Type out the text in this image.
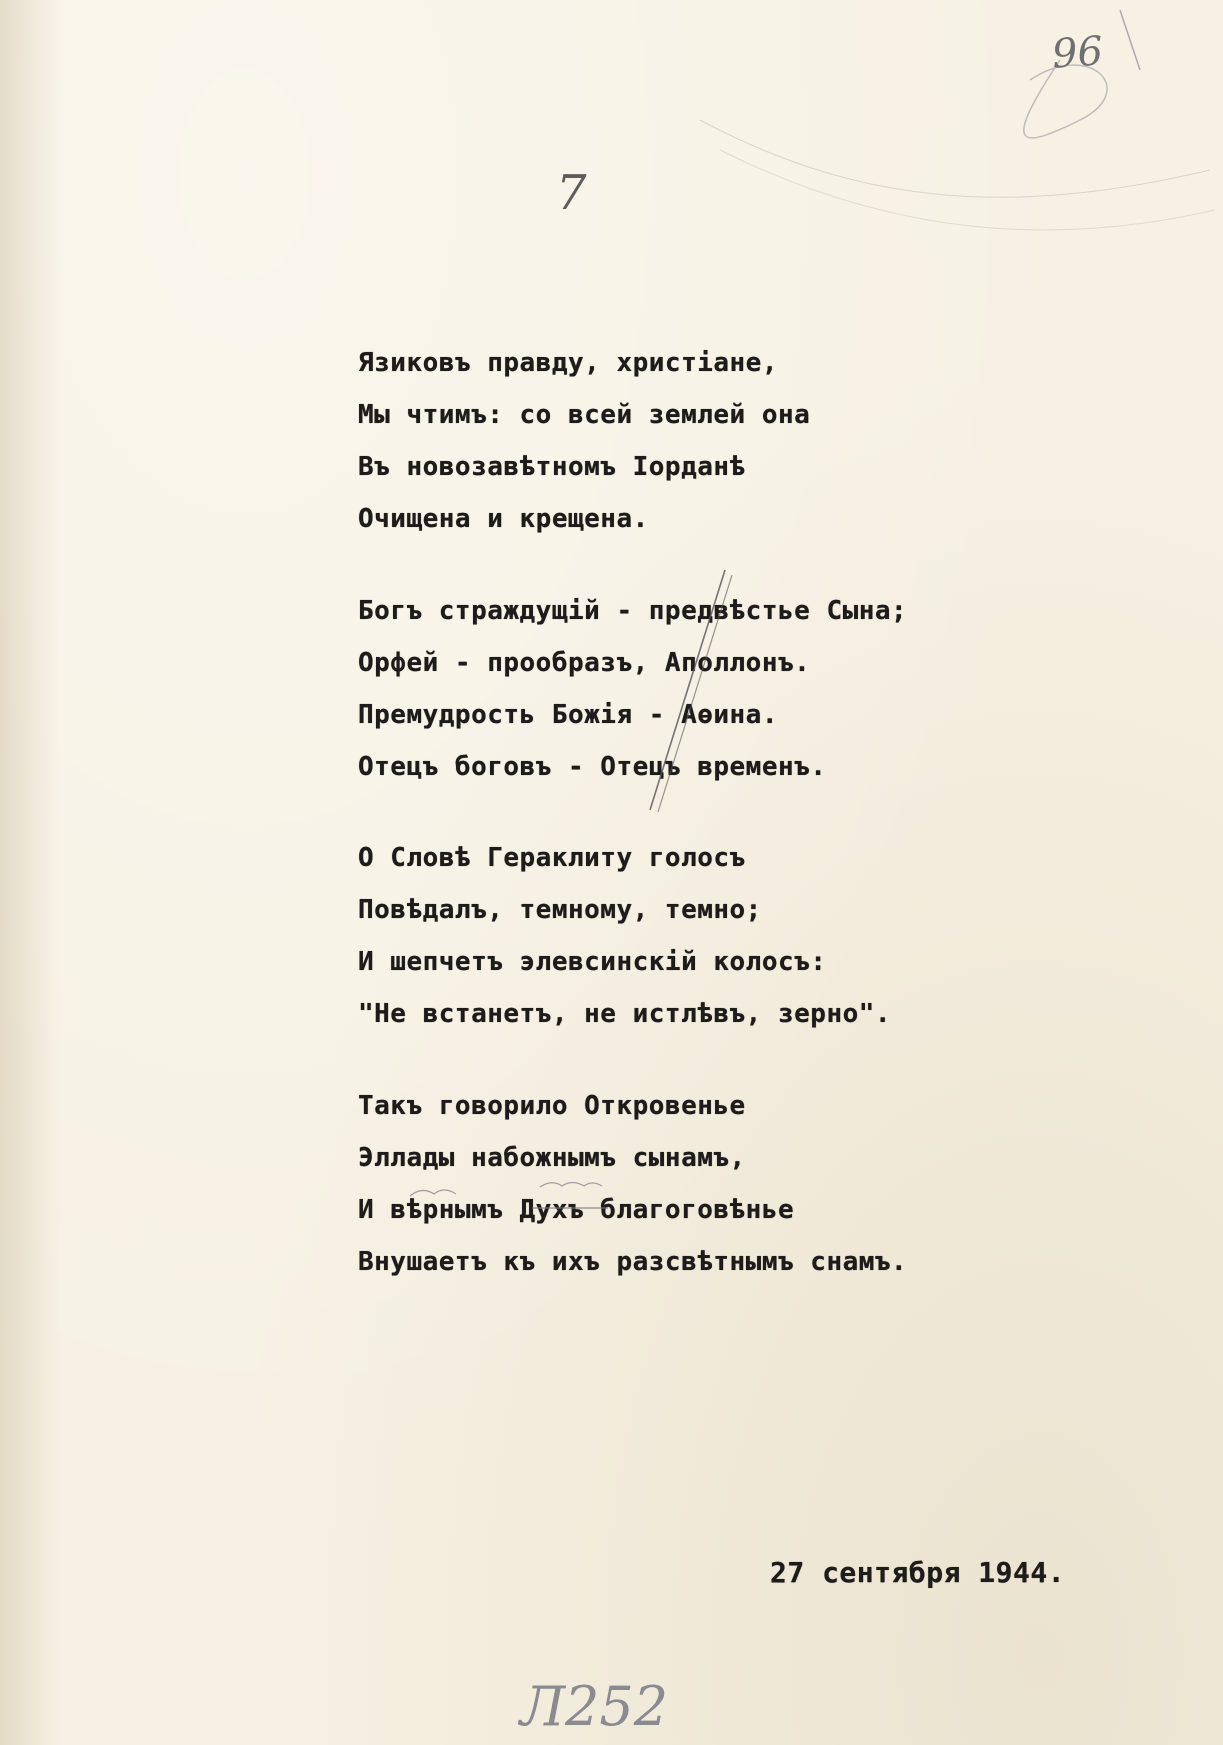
96
7
Язиковъ правду, христіане,
Мы чтимъ: со всей землей она
Въ новозавѣтномъ Іорданѣ
Очищена и крещена.
Богъ страждущій - предвѣстье Сына;
Орфей - прообразъ, Аполлонъ.
Премудрость Божія - Аѳина.
Отецъ боговъ - Отецъ временъ.
О Словѣ Гераклиту голосъ
Повѣдалъ, темному, темно;
И шепчетъ элевсинскій колосъ:
"Не встанетъ, не истлѣвъ, зерно".
Такъ говорило Откровенье
Эллады набожнымъ сынамъ,
И вѣрнымъ Духъ благоговѣнье
Внушаетъ къ ихъ разсвѣтнымъ снамъ.
27 сентября 1944.
Л252
